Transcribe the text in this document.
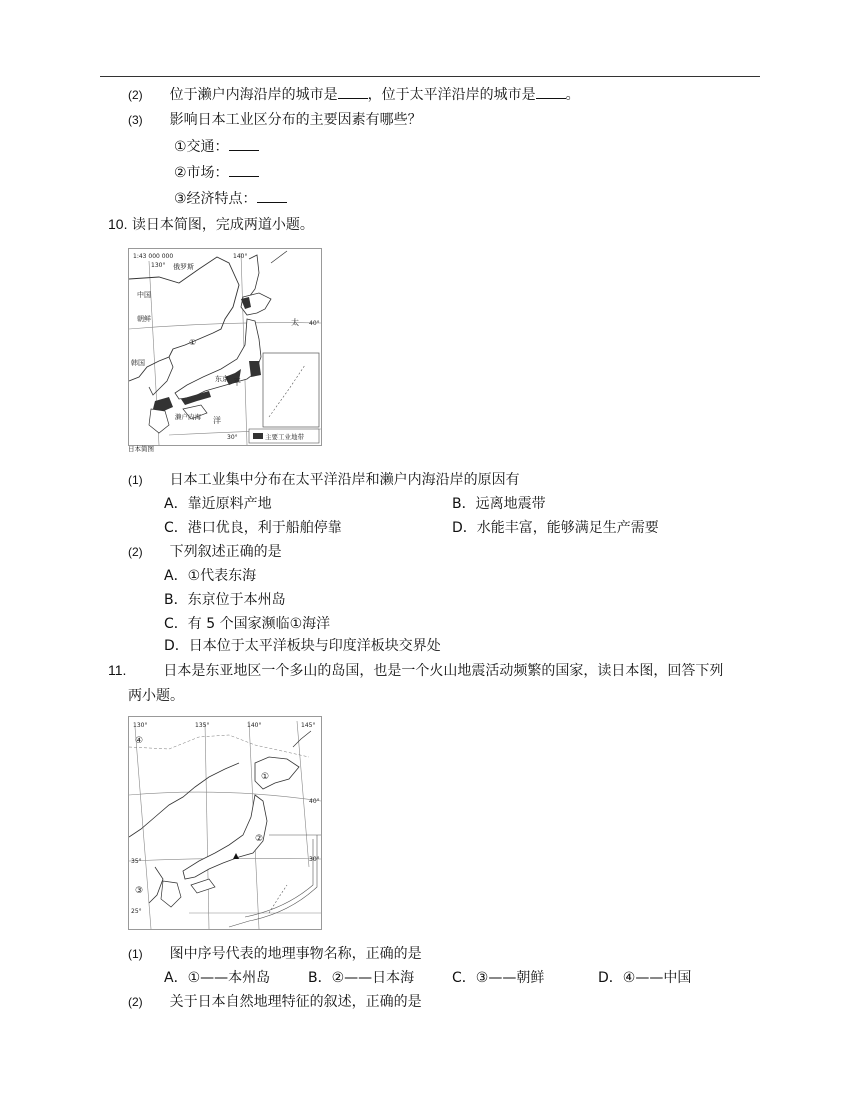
(2) 位于濑户内海沿岸的城市是 ，位于太平洋沿岸的城市是 。
(3) 影响日本工业区分布的主要因素有哪些？
①交通：
②市场：
③经济特点：
10. 读日本简图，完成两道小题。
1:43 000 000
130°
140°
40°
30°
俄罗斯
中国
朝鲜
韩国
①
东京
濑户内海
太
平
洋
主要工业地带
日本简图
(1) 日本工业集中分布在太平洋沿岸和濑户内海沿岸的原因有
A．靠近原料产地	B．远离地震带
C．港口优良，利于船舶停靠	D．水能丰富，能够满足生产需要
(2) 下列叙述正确的是
A．①代表东海
B．东京位于本州岛
C．有 5 个国家濒临①海洋
D．日本位于太平洋板块与印度洋板块交界处
11.	日本是东亚地区一个多山的岛国，也是一个火山地震活动频繁的国家，读日本图，回答下列
两小题。
130°	135°	140°	145°
40°
35°	30°
25°
④
①
②
③
(1) 图中序号代表的地理事物名称，正确的是
A．①——本州岛	B．②——日本海	C．③——朝鲜	D．④——中国
(2) 关于日本自然地理特征的叙述，正确的是
